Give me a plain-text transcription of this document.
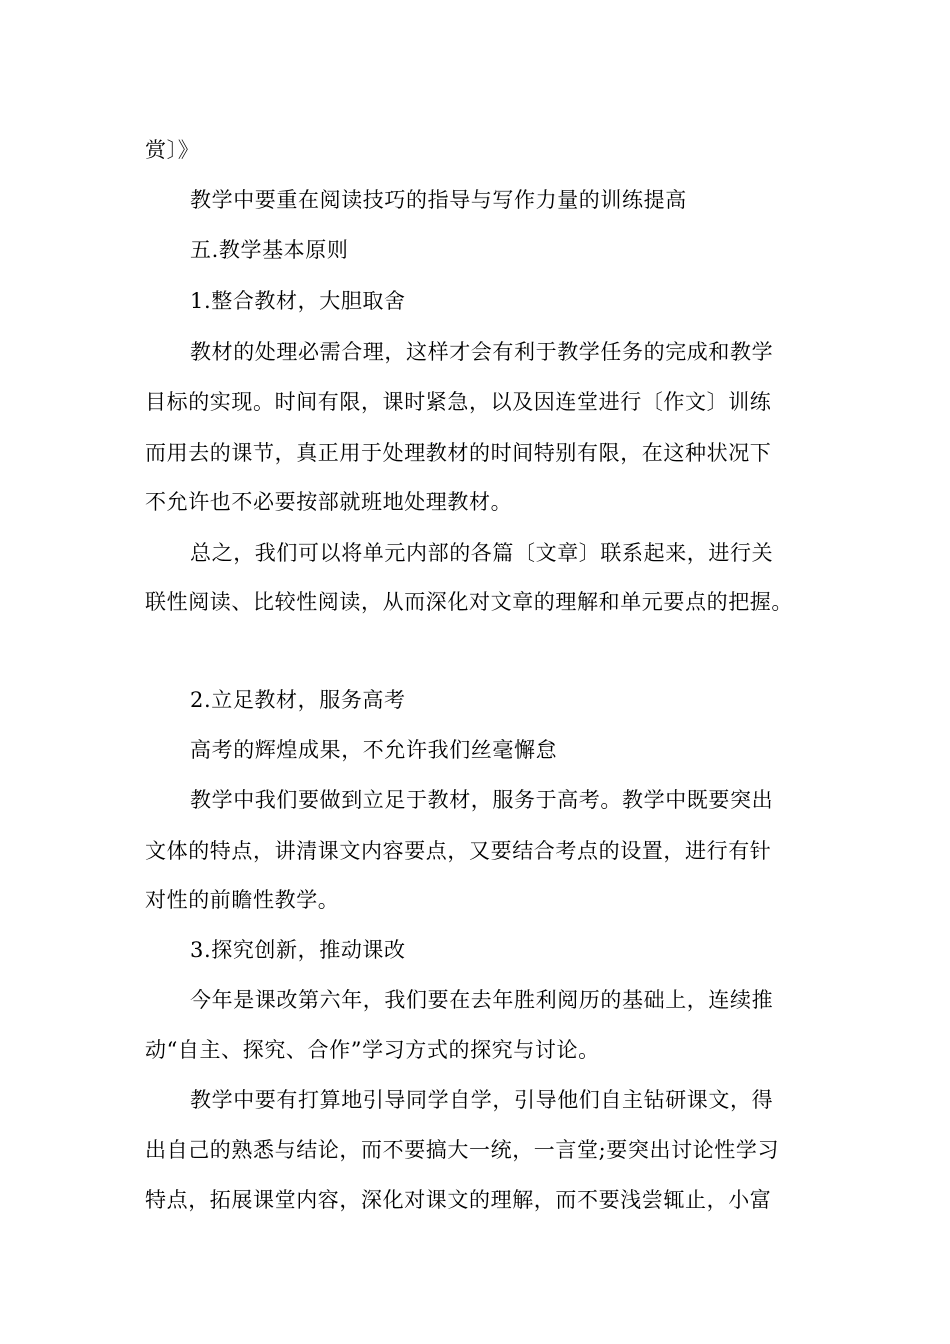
赏〕》
教学中要重在阅读技巧的指导与写作力量的训练提高
五.教学基本原则
1.整合教材，大胆取舍
教材的处理必需合理，这样才会有利于教学任务的完成和教学
目标的实现。时间有限，课时紧急，以及因连堂进行〔作文〕训练
而用去的课节，真正用于处理教材的时间特别有限，在这种状况下
不允许也不必要按部就班地处理教材。
总之，我们可以将单元内部的各篇〔文章〕联系起来，进行关
联性阅读、比较性阅读，从而深化对文章的理解和单元要点的把握。
2.立足教材，服务高考
高考的辉煌成果，不允许我们丝毫懈怠
教学中我们要做到立足于教材，服务于高考。教学中既要突出
文体的特点，讲清课文内容要点，又要结合考点的设置，进行有针
对性的前瞻性教学。
3.探究创新，推动课改
今年是课改第六年，我们要在去年胜利阅历的基础上，连续推
动“自主、探究、合作”学习方式的探究与讨论。
教学中要有打算地引导同学自学，引导他们自主钻研课文，得
出自己的熟悉与结论，而不要搞大一统，一言堂;要突出讨论性学习
特点，拓展课堂内容，深化对课文的理解，而不要浅尝辄止，小富
